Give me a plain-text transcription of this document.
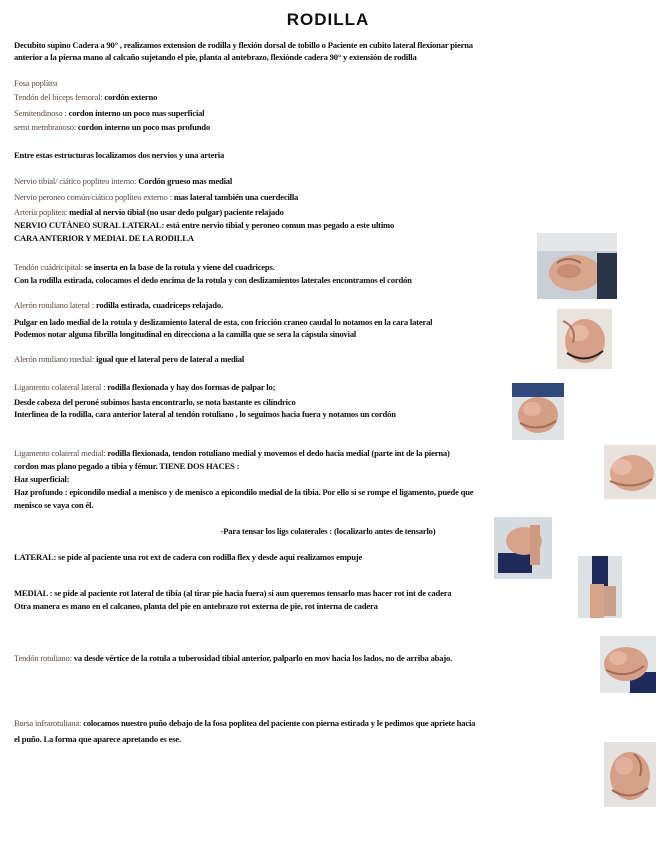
RODILLA
Decubito supino Cadera a 90° , realizamos extension de rodilla y flexión dorsal de tobillo o Paciente en cubito lateral flexionar pierna
anterior a la pierna mano al calcaño sujetando el pie, planta al antebrazo, flexiónde cadera 90° y extensión de rodilla
Fosa poplítea
Tendón del bíceps femoral: cordón externo
Semitendinoso : cordon interno un poco mas superficial
semi membranoso: cordon interno un poco mas profundo
Entre estas estructuras localizamos dos nervios y una arteria
Nervio tibial/ ciático popliteo interno: Cordón grueso mas medial
Nervio peroneo común/ciático popliteo externo : mas lateral también una cuerdecilla
Arteria poplitea: medial al nervio tibial (no usar dedo pulgar) paciente relajado
NERVIO CUTÁNEO SURAL LATERAL: está entre nervio tibial y peroneo comun mas pegado a este ultimo
CARA ANTERIOR Y MEDIAL DE LA RODILLA
Tendón cuádricipital: se inserta en la base de la rotula y viene del cuadriceps.
Con la rodilla estirada, colocamos el dedo encima de la rotula y con deslizamientos laterales encontramos el cordón
Alerón rotuliano lateral : rodilla estirada, cuadriceps relajado.
Pulgar en lado medial de la rotula y deslizamiento lateral de esta, con fricción craneo caudal lo notamos en la cara lateral
Podemos notar alguna fibrilla longitudinal en direcciona a la camilla que se sera la cápsula sinovial
Alerón rotuliano medial: igual que el lateral pero de lateral a medial
Ligamento colateral lateral : rodilla flexionada y hay dos formas de palpar lo;
Desde cabeza del peroné subimos hasta encontrarlo, se nota bastante es cilíndrico
Interlinea de la rodilla, cara anterior lateral al tendón rotuliano , lo seguimos hacia fuera y notamos un cordón
Ligamento colateral medial: rodilla flexionada, tendon rotuliano medial y movemos el dedo hacia medial (parte int de la pierna)
cordon mas plano pegado a tibia y fémur. TIENE DOS HACES :
Haz superficial:
Haz profundo : epicondilo medial a menisco y de menisco a epicondilo medial de la tibia. Por ello si se rompe el ligamento, puede que
menisco se vaya con él.
-Para tensar los ligs colaterales : (localizarlo antes de tensarlo)
LATERAL: se pide al paciente una rot ext de cadera con rodilla flex y desde aquí realizamos empuje
MEDIAL : se pide al paciente rot lateral de tibia (al tirar pie hacia fuera) si aun queremos tensarlo mas hacer rot int de cadera
Otra manera es mano en el calcaneo, planta del pie en antebrazo rot externa de pie, rot interna de cadera
Tendón rotuliano: va desde vértice de la rotula a tuberosidad tibial anterior, palparlo en mov hacia los lados, no de arriba abajo.
Bursa infrarotuliana: colocamos nuestro puño debajo de la fosa poplitea del paciente con pierna estirada y le pedimos que apriete hacia
el puño. La forma que aparece apretando es ese.
